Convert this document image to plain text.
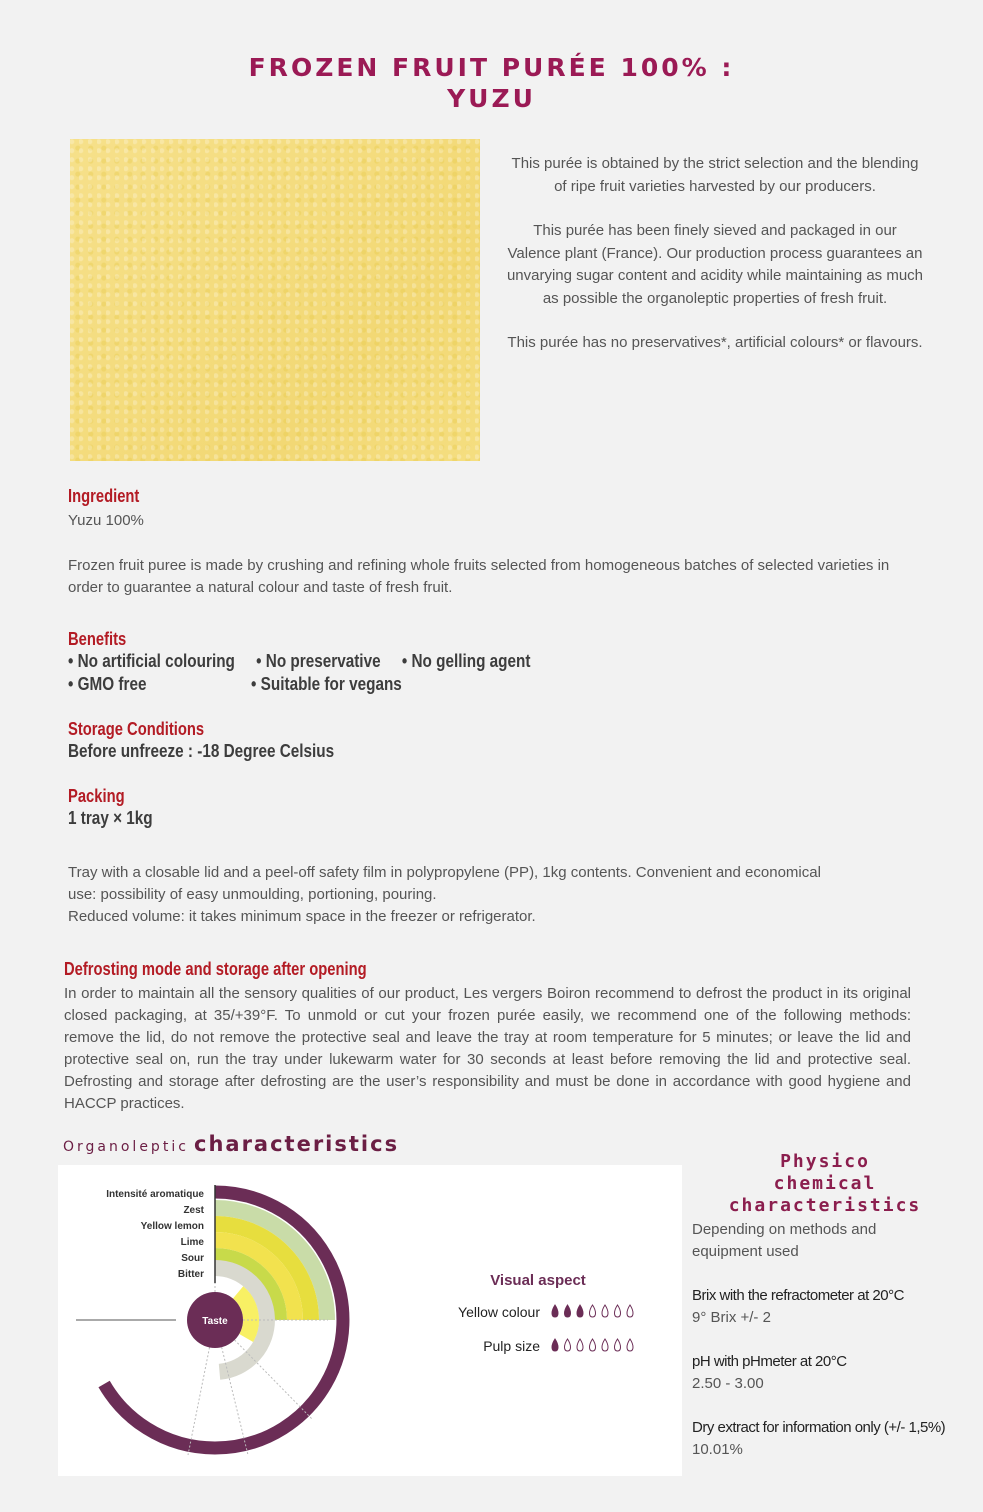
FROZEN FRUIT PURÉE 100% :
YUZU

This purée is obtained by the strict selection and the blending of ripe fruit varieties harvested by our producers.

This purée has been finely sieved and packaged in our Valence plant (France). Our production process guarantees an unvarying sugar content and acidity while maintaining as much as possible the organoleptic properties of fresh fruit.

This purée has no preservatives*, artificial colours* or flavours.

Ingredient
Yuzu 100%
Frozen fruit puree is made by crushing and refining whole fruits selected from homogeneous batches of selected varieties in order to guarantee a natural colour and taste of fresh fruit.
Benefits
• No artificial colouring • No preservative • No gelling agent
• GMO free	• Suitable for vegans
Storage Conditions
Before unfreeze : -18 Degree Celsius
Packing
1 tray × 1kg
Tray with a closable lid and a peel-off safety film in polypropylene (PP), 1kg contents. Convenient and economical
use: possibility of easy unmoulding, portioning, pouring.
Reduced volume: it takes minimum space in the freezer or refrigerator.
Defrosting mode and storage after opening
In order to maintain all the sensory qualities of our product, Les vergers Boiron recommend to defrost the product in its original closed packaging, at 35/+39°F. To unmold or cut your frozen purée easily, we recommend one of the following methods: remove the lid, do not remove the protective seal and leave the tray at room temperature for 5 minutes; or leave the lid and protective seal on, run the tray under lukewarm water for 30 seconds at least before removing the lid and protective seal. Defrosting and storage after defrosting are the user’s responsibility and must be done in accordance with good hygiene and HACCP practices.
Organoleptic characteristics
Intensité aromatique
Zest
Yellow lemon
Lime
Sour
Bitter
Taste
Visual aspect
Yellow colour
Pulp size
Physico chemical
characteristics
Depending on methods and equipment used
Brix with the refractometer at 20°C
9° Brix +/- 2
pH with pHmeter at 20°C
2.50 - 3.00
Dry extract for information only (+/- 1,5%)
10.01%
